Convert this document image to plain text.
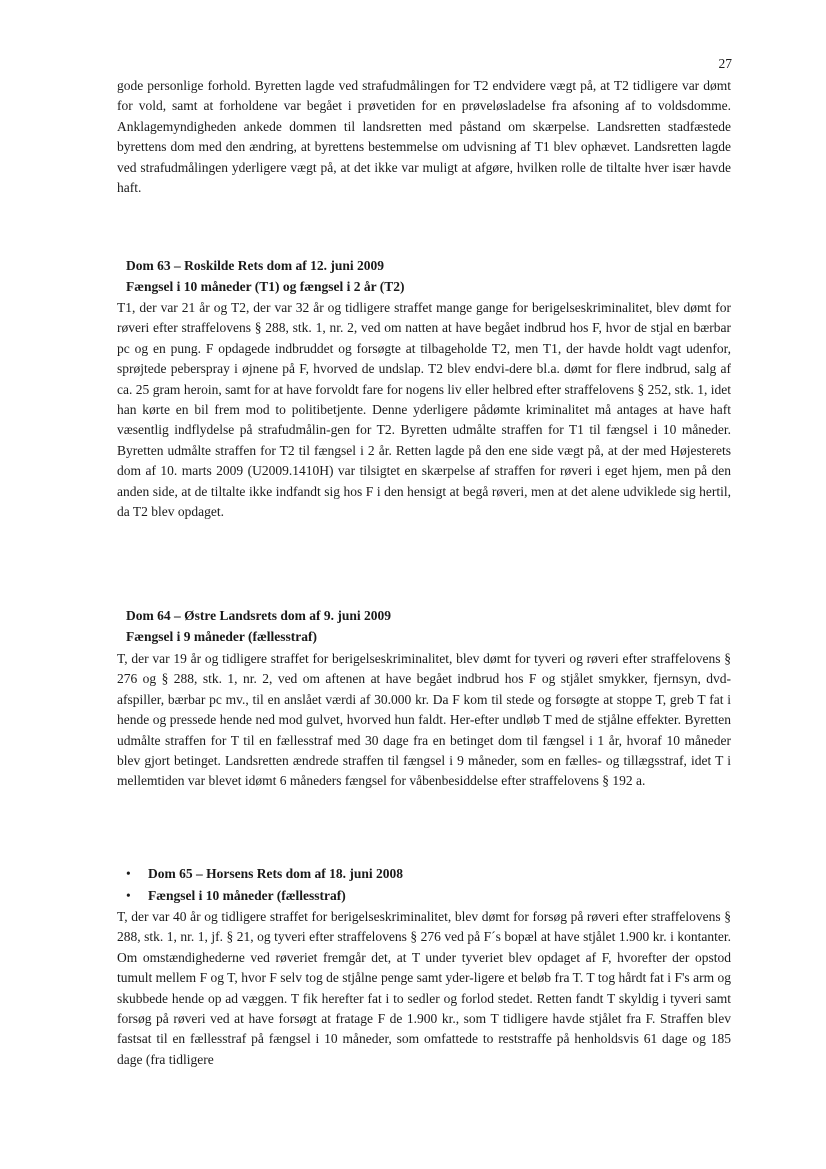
27

gode personlige forhold. Byretten lagde ved strafudmålingen for T2 endvidere vægt på, at T2 tidligere var dømt for vold, samt at forholdene var begået i prøvetiden for en prøveløsladelse fra afsoning af to voldsdomme. Anklagemyndigheden ankede dommen til landsretten med påstand om skærpelse. Landsretten stadfæstede byrettens dom med den ændring, at byrettens bestemmelse om udvisning af T1 blev ophævet. Landsretten lagde ved strafudmålingen yderligere vægt på, at det ikke var muligt at afgøre, hvilken rolle de tiltalte hver især havde haft.

Dom 63 – Roskilde Rets dom af 12. juni 2009
Fængsel i 10 måneder (T1) og fængsel i 2 år (T2)

T1, der var 21 år og T2, der var 32 år og tidligere straffet mange gange for berigelseskriminalitet, blev dømt for røveri efter straffelovens § 288, stk. 1, nr. 2, ved om natten at have begået indbrud hos F, hvor de stjal en bærbar pc og en pung. F opdagede indbruddet og forsøgte at tilbageholde T2, men T1, der havde holdt vagt udenfor, sprøjtede peberspray i øjnene på F, hvorved de undslap. T2 blev endvi-dere bl.a. dømt for flere indbrud, salg af ca. 25 gram heroin, samt for at have forvoldt fare for nogens liv eller helbred efter straffelovens § 252, stk. 1, idet han kørte en bil frem mod to politibetjente. Denne yderligere pådømte kriminalitet må antages at have haft væsentlig indflydelse på strafudmålin-gen for T2. Byretten udmålte straffen for T1 til fængsel i 10 måneder. Byretten udmålte straffen for T2 til fængsel i 2 år. Retten lagde på den ene side vægt på, at der med Højesterets dom af 10. marts 2009 (U2009.1410H) var tilsigtet en skærpelse af straffen for røveri i eget hjem, men på den anden side, at de tiltalte ikke indfandt sig hos F i den hensigt at begå røveri, men at det alene udviklede sig hertil, da T2 blev opdaget.

Dom 64 – Østre Landsrets dom af 9. juni 2009
Fængsel i 9 måneder (fællesstraf)

T, der var 19 år og tidligere straffet for berigelseskriminalitet, blev dømt for tyveri og røveri efter straffelovens § 276 og § 288, stk. 1, nr. 2, ved om aftenen at have begået indbrud hos F og stjålet smykker, fjernsyn, dvd-afspiller, bærbar pc mv., til en anslået værdi af 30.000 kr. Da F kom til stede og forsøgte at stoppe T, greb T fat i hende og pressede hende ned mod gulvet, hvorved hun faldt. Her-efter undløb T med de stjålne effekter. Byretten udmålte straffen for T til en fællesstraf med 30 dage fra en betinget dom til fængsel i 1 år, hvoraf 10 måneder blev gjort betinget. Landsretten ændrede straffen til fængsel i 9 måneder, som en fælles- og tillægsstraf, idet T i mellemtiden var blevet idømt 6 måneders fængsel for våbenbesiddelse efter straffelovens § 192 a.

• Dom 65 – Horsens Rets dom af 18. juni 2008
• Fængsel i 10 måneder (fællesstraf)

T, der var 40 år og tidligere straffet for berigelseskriminalitet, blev dømt for forsøg på røveri efter straffelovens § 288, stk. 1, nr. 1, jf. § 21, og tyveri efter straffelovens § 276 ved på F´s bopæl at have stjålet 1.900 kr. i kontanter. Om omstændighederne ved røveriet fremgår det, at T under tyveriet blev opdaget af F, hvorefter der opstod tumult mellem F og T, hvor F selv tog de stjålne penge samt yder-ligere et beløb fra T. T tog hårdt fat i F's arm og skubbede hende op ad væggen. T fik herefter fat i to sedler og forlod stedet. Retten fandt T skyldig i tyveri samt forsøg på røveri ved at have forsøgt at fratage F de 1.900 kr., som T tidligere havde stjålet fra F. Straffen blev fastsat til en fællesstraf på fængsel i 10 måneder, som omfattede to reststraffe på henholdsvis 61 dage og 185 dage (fra tidligere
